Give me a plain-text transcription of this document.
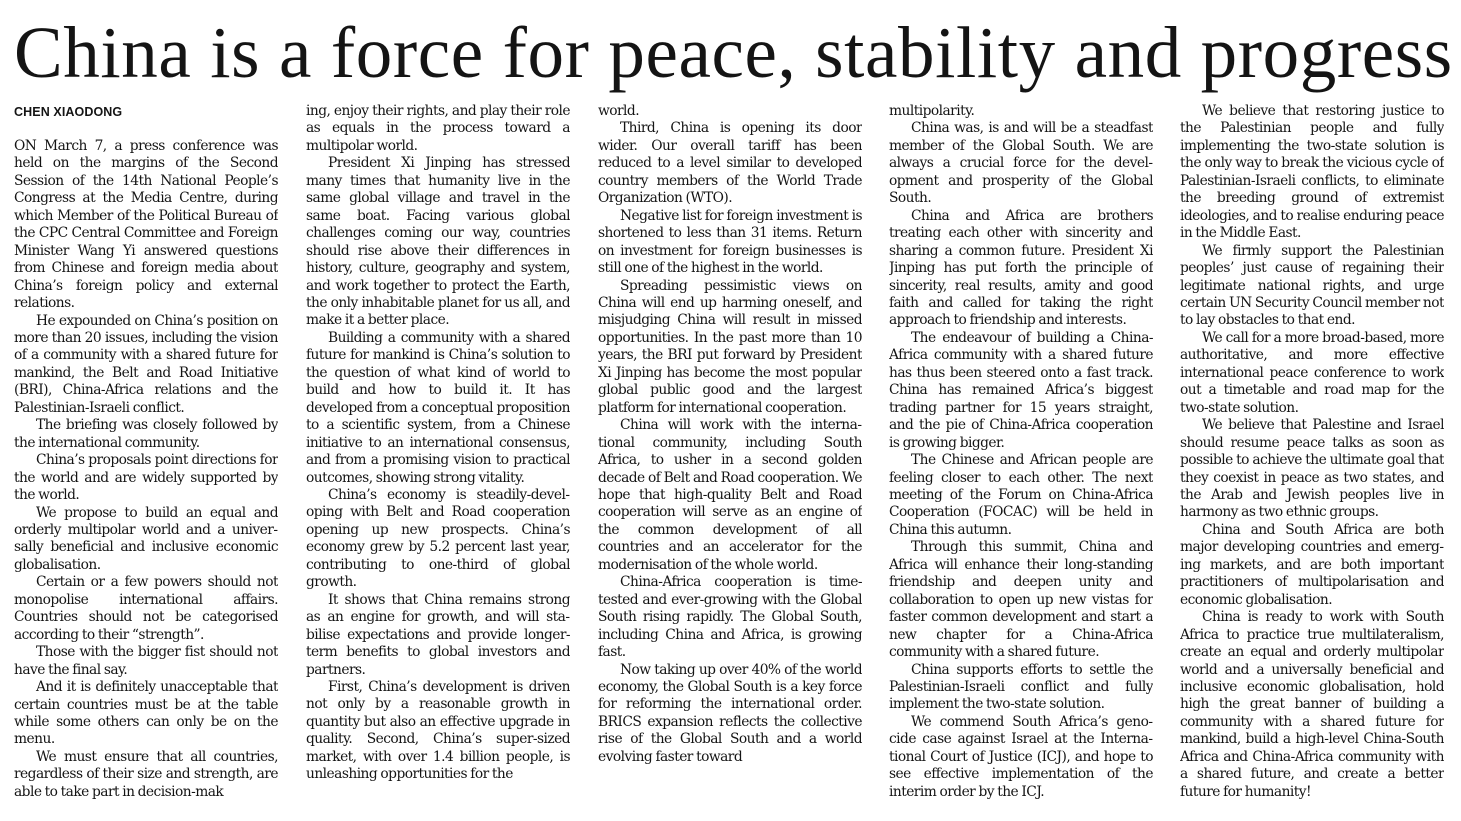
China is a force for peace, stability and progress
CHEN XIAODONG

ON March 7, a press conference was held on the margins of the Second Session of the 14th National People’s Congress at the Media Centre, during which Member of the Political Bureau of the CPC Central Committee and Foreign Minister Wang Yi answered questions from Chinese and foreign media about China’s foreign policy and external relations.

He expounded on China’s position on more than 20 issues, including the vision of a community with a shared future for mankind, the Belt and Road Initiative (BRI), China-Africa relations and the Palestinian-Israeli conflict.

The briefing was closely followed by the international community.

China’s proposals point directions for the world and are widely supported by the world.

We propose to build an equal and orderly multipolar world and a universally beneficial and inclusive economic globalisation.

Certain or a few powers should not monopolise international affairs. Countries should not be categorised according to their “strength”.

Those with the bigger fist should not have the final say.

And it is definitely unacceptable that certain countries must be at the table while some others can only be on the menu.

We must ensure that all countries, regardless of their size and strength, are able to take part in decision-mak

ing, enjoy their rights, and play their role as equals in the process toward a multipolar world.

President Xi Jinping has stressed many times that humanity live in the same global village and travel in the same boat. Facing various global challenges coming our way, countries should rise above their differences in history, culture, geography and system, and work together to protect the Earth, the only inhabitable planet for us all, and make it a better place.

Building a community with a shared future for mankind is China’s solution to the question of what kind of world to build and how to build it. It has developed from a conceptual proposition to a scientific system, from a Chinese initiative to an international consensus, and from a promising vision to practical outcomes, showing strong vitality.

China’s economy is steadily-developing with Belt and Road cooperation opening up new prospects. China’s economy grew by 5.2 percent last year, contributing to one-third of global growth.

It shows that China remains strong as an engine for growth, and will stabilise expectations and provide longer-term benefits to global investors and partners.

First, China’s development is driven not only by a reasonable growth in quantity but also an effective upgrade in quality. Second, China’s super-sized market, with over 1.4 billion people, is unleashing opportunities for the

world.

Third, China is opening its door wider. Our overall tariff has been reduced to a level similar to developed country members of the World Trade Organization (WTO).

Negative list for foreign investment is shortened to less than 31 items. Return on investment for foreign businesses is still one of the highest in the world.

Spreading pessimistic views on China will end up harming oneself, and misjudging China will result in missed opportunities. In the past more than 10 years, the BRI put forward by President Xi Jinping has become the most popular global public good and the largest platform for international cooperation.

China will work with the international community, including South Africa, to usher in a second golden decade of Belt and Road cooperation. We hope that high-quality Belt and Road cooperation will serve as an engine of the common development of all countries and an accelerator for the modernisation of the whole world.

China-Africa cooperation is time-tested and ever-growing with the Global South rising rapidly. The Global South, including China and Africa, is growing fast.

Now taking up over 40% of the world economy, the Global South is a key force for reforming the international order. BRICS expansion reflects the collective rise of the Global South and a world evolving faster toward

multipolarity.

China was, is and will be a steadfast member of the Global South. We are always a crucial force for the development and prosperity of the Global South.

China and Africa are brothers treating each other with sincerity and sharing a common future. President Xi Jinping has put forth the principle of sincerity, real results, amity and good faith and called for taking the right approach to friendship and interests.

The endeavour of building a China-Africa community with a shared future has thus been steered onto a fast track. China has remained Africa’s biggest trading partner for 15 years straight, and the pie of China-Africa cooperation is growing bigger.

The Chinese and African people are feeling closer to each other. The next meeting of the Forum on China-Africa Cooperation (FOCAC) will be held in China this autumn.

Through this summit, China and Africa will enhance their long-standing friendship and deepen unity and collaboration to open up new vistas for faster common development and start a new chapter for a China-Africa community with a shared future.

China supports efforts to settle the Palestinian-Israeli conflict and fully implement the two-state solution.

We commend South Africa’s genocide case against Israel at the International Court of Justice (ICJ), and hope to see effective implementation of the interim order by the ICJ.

We believe that restoring justice to the Palestinian people and fully implementing the two-state solution is the only way to break the vicious cycle of Palestinian-Israeli conflicts, to eliminate the breeding ground of extremist ideologies, and to realise enduring peace in the Middle East.

We firmly support the Palestinian peoples’ just cause of regaining their legitimate national rights, and urge certain UN Security Council member not to lay obstacles to that end.

We call for a more broad-based, more authoritative, and more effective international peace conference to work out a timetable and road map for the two-state solution.

We believe that Palestine and Israel should resume peace talks as soon as possible to achieve the ultimate goal that they coexist in peace as two states, and the Arab and Jewish peoples live in harmony as two ethnic groups.

China and South Africa are both major developing countries and emerging markets, and are both important practitioners of multipolarisation and economic globalisation.

China is ready to work with South Africa to practice true multilateralism, create an equal and orderly multipolar world and a universally beneficial and inclusive economic globalisation, hold high the great banner of building a community with a shared future for mankind, build a high-level China-South Africa and China-Africa community with a shared future, and create a better future for humanity!
